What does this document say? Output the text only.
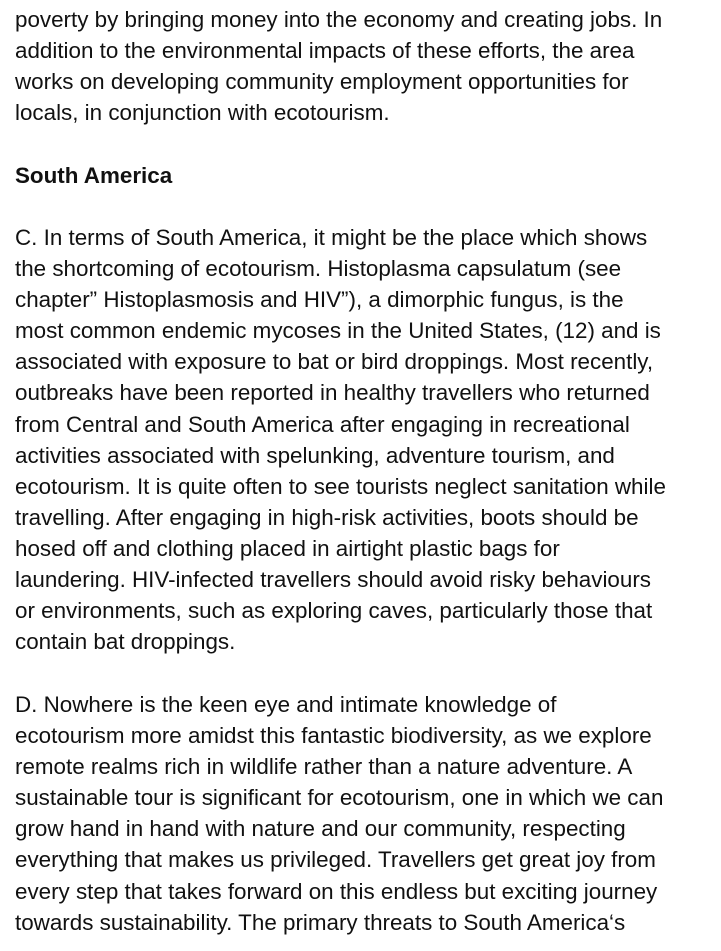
poverty by bringing money into the economy and creating jobs. In
addition to the environmental impacts of these efforts, the area
works on developing community employment opportunities for
locals, in conjunction with ecotourism.

South America

C. In terms of South America, it might be the place which shows
the shortcoming of ecotourism. Histoplasma capsulatum (see
chapter” Histoplasmosis and HIV”), a dimorphic fungus, is the
most common endemic mycoses in the United States, (12) and is
associated with exposure to bat or bird droppings. Most recently,
outbreaks have been reported in healthy travellers who returned
from Central and South America after engaging in recreational
activities associated with spelunking, adventure tourism, and
ecotourism. It is quite often to see tourists neglect sanitation while
travelling. After engaging in high-risk activities, boots should be
hosed off and clothing placed in airtight plastic bags for
laundering. HIV-infected travellers should avoid risky behaviours
or environments, such as exploring caves, particularly those that
contain bat droppings.

D. Nowhere is the keen eye and intimate knowledge of
ecotourism more amidst this fantastic biodiversity, as we explore
remote realms rich in wildlife rather than a nature adventure. A
sustainable tour is significant for ecotourism, one in which we can
grow hand in hand with nature and our community, respecting
everything that makes us privileged. Travellers get great joy from
every step that takes forward on this endless but exciting journey
towards sustainability. The primary threats to South America‘s
